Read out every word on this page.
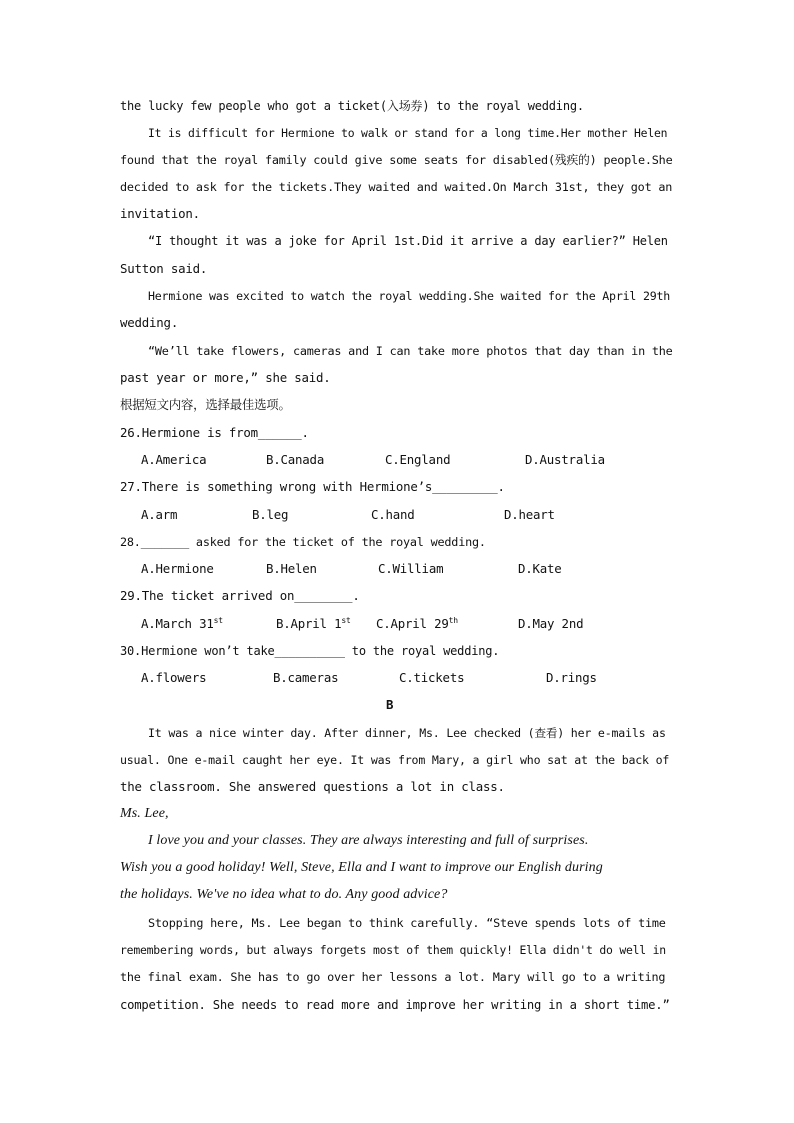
the lucky few people who got a ticket(入场券) to the royal wedding.
It is difficult for Hermione to walk or stand for a long time.Her mother Helen
found that the royal family could give some seats for disabled(残疾的) people.She
decided to ask for the tickets.They waited and waited.On March 31st, they got an
invitation.
“I thought it was a joke for April 1st.Did it arrive a day earlier?” Helen
Sutton said.
Hermione was excited to watch the royal wedding.She waited for the April 29th
wedding.
“We’ll take flowers, cameras and I can take more photos that day than in the
past year or more,” she said.
根据短文内容，选择最佳选项。
26.Hermione is from______.
A.America	B.Canada	C.England	D.Australia
27.There is something wrong with Hermione’s_________.
A.arm	B.leg	C.hand	D.heart
28._______ asked for the ticket of the royal wedding.
A.Hermione	B.Helen	C.William	D.Kate
29.The ticket arrived on________.
A.March 31st	B.April 1st C.April 29th	D.May 2nd
30.Hermione won’t take__________ to the royal wedding.
A.flowers	B.cameras	C.tickets	D.rings
B
It was a nice winter day. After dinner, Ms. Lee checked (查看) her e-mails as
usual. One e-mail caught her eye. It was from Mary, a girl who sat at the back of
the classroom. She answered questions a lot in class.
Ms. Lee,
I love you and your classes. They are always interesting and full of surprises.
Wish you a good holiday! Well, Steve, Ella and I want to improve our English during
the holidays. We've no idea what to do. Any good advice?
Stopping here, Ms. Lee began to think carefully. “Steve spends lots of time
remembering words, but always forgets most of them quickly! Ella didn't do well in
the final exam. She has to go over her lessons a lot. Mary will go to a writing
competition. She needs to read more and improve her writing in a short time.”
